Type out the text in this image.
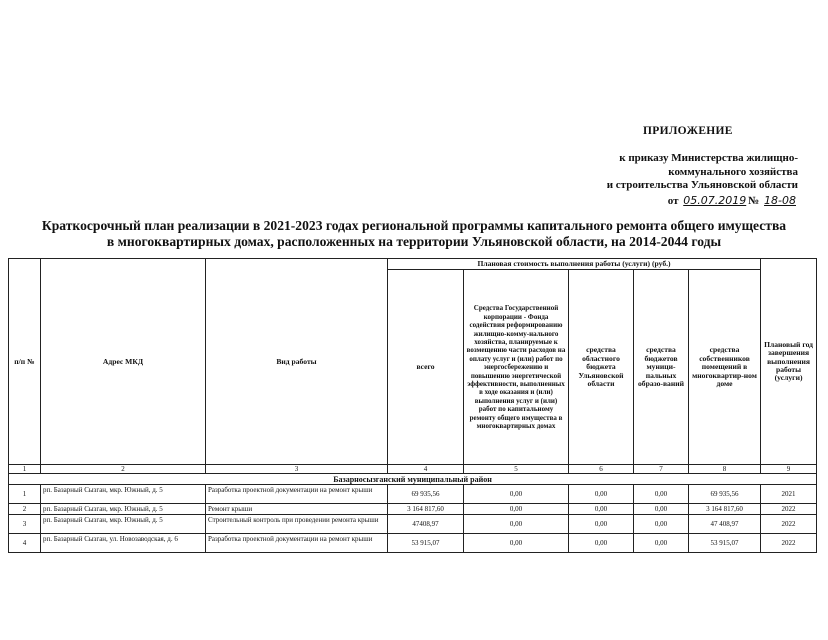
ПРИЛОЖЕНИЕ
к приказу Министерства жилищно-
коммунального хозяйства
и строительства Ульяновской области
от 05.07.2019 № 18-08
Краткосрочный план реализации в 2021-2023 годах региональной программы капитального ремонта общего имущества
в многоквартирных домах, расположенных на территории Ульяновской области, на 2014-2044 годы
п/п №	Адрес МКД	Вид работы	Плановая стоимость выполнения работы (услуги) (руб.)					Плановый год завершения выполнения работы (услуги)
			всего	Средства Государственной корпорации - Фонда содействия реформированию жилищно-комму-нального хозяйства, планируемые к возмещению части расходов на оплату услуг и (или) работ по энергосбережению и повышению энергетической эффективности, выполненных в ходе оказания и (или) выполнения услуг и (или) работ по капитальному ремонту общего имущества в многоквартирных домах	средства областного бюджета Ульяновской области	средства бюджетов муници-пальных образо-ваний	средства собственников помещений в многоквартир-ном доме	
1	2	3	4	5	6	7	8	9
Базарносызганский муниципальный район								
1	рп. Базарный Сызган, мкр. Южный, д. 5	Разработка проектной документации на ремонт крыши	69 935,56	0,00	0,00	0,00	69 935,56	2021
2	рп. Базарный Сызган, мкр. Южный, д. 5	Ремонт крыши	3 164 817,60	0,00	0,00	0,00	3 164 817,60	2022
3	рп. Базарный Сызган, мкр. Южный, д. 5	Строительный контроль при проведении ремонта крыши	47408,97	0,00	0,00	0,00	47 408,97	2022
4	рп. Базарный Сызган, ул. Новозаводская, д. 6	Разработка проектной документации на ремонт крыши	53 915,07	0,00	0,00	0,00	53 915,07	2022
